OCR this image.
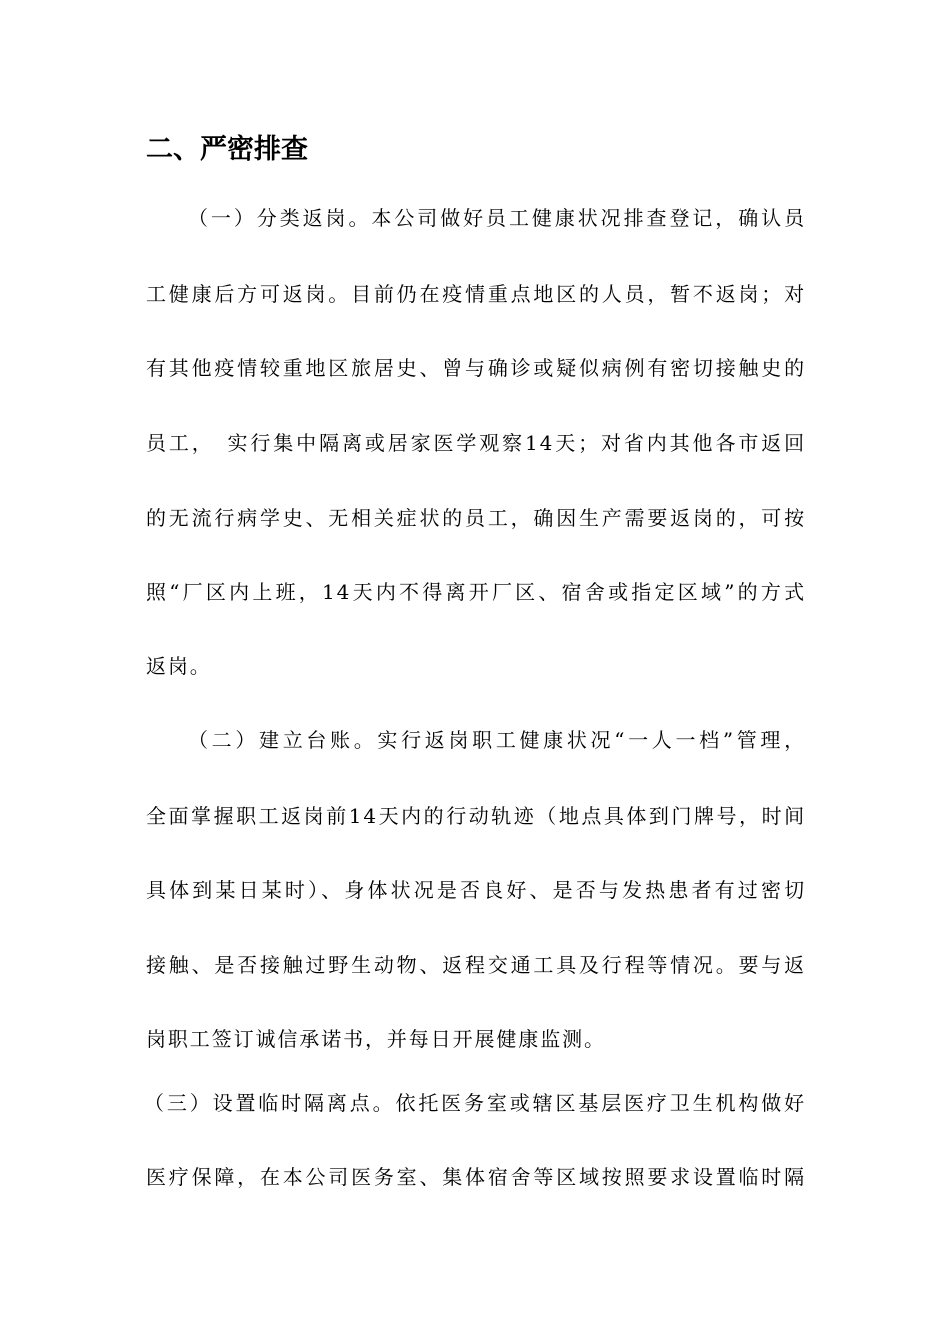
二、严密排查
（一）分类返岗。本公司做好员工健康状况排查登记，确认员
工健康后方可返岗。目前仍在疫情重点地区的人员，暂不返岗；对
有其他疫情较重地区旅居史、曾与确诊或疑似病例有密切接触史的
员工，　实行集中隔离或居家医学观察14天；对省内其他各市返回
的无流行病学史、无相关症状的员工，确因生产需要返岗的，可按
照“厂区内上班，14天内不得离开厂区、宿舍或指定区域”的方式
返岗。
（二）建立台账。实行返岗职工健康状况“一人一档”管理，
全面掌握职工返岗前14天内的行动轨迹（地点具体到门牌号，时间
具体到某日某时）、身体状况是否良好、是否与发热患者有过密切
接触、是否接触过野生动物、返程交通工具及行程等情况。要与返
岗职工签订诚信承诺书，并每日开展健康监测。
（三）设置临时隔离点。依托医务室或辖区基层医疗卫生机构做好
医疗保障，在本公司医务室、集体宿舍等区域按照要求设置临时隔
